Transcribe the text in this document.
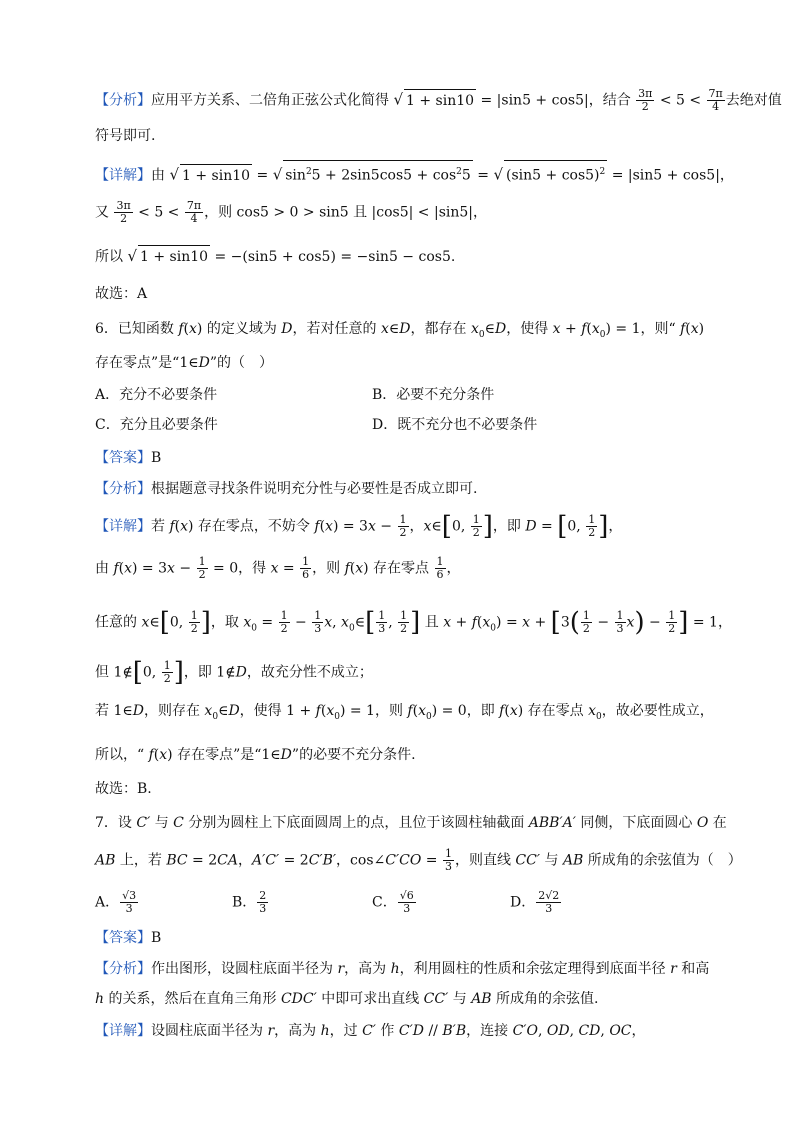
【分析】应用平方关系、二倍角正弦公式化简得 √ 1 + sin10 = |sin5 + cos5|，结合 $\frac{3\pi}{2} < 5 < \frac{7\pi}{4}$ 去绝对值
符号即可.
【详解】由 √ 1 + sin10 = √ $\sin^25 + 2\sin 5\cos 5 + \cos^25$ = √ $(\sin 5 + \cos 5)^2 = |\sin 5 + \cos 5|$，
又 $\frac{3\pi}{2} < 5 < \frac{7\pi}{4}$ ，则 cos5 > 0 > sin5 且 |cos5| < |sin5|，
所以 √ 1 + sin10 = −(sin5 + cos5) = −sin5 − cos5.
故选：A
6．已知函数 f(x) 的定义域为 D，若对任意的 x∈D，都存在 $x_0\in D$，使得 $x + f(x_0) = 1$，则“ f(x)
存在零点”是“1∈D”的（　）
A．充分不必要条件	B．必要不充分条件
C．充分且必要条件	D．既不充分也不必要条件
【答案】B
【分析】根据题意寻找条件说明充分性与必要性是否成立即可.
【详解】若 f(x) 存在零点，不妨令 $f(x) = 3x - \frac{1}{2}$ ，x∈[0, $\frac{1}{2}$ ]，即 D = [0, $\frac{1}{2}$ ]，
由 $f(x) = 3x - \frac{1}{2} = 0$，得 $x = \frac{1}{6}$ ，则 f(x) 存在零点 $\frac{1}{6}$ ，
任意的 x∈[0, $\frac{1}{2}$ ]，取 $x_0 = \frac{1}{2} - \frac{1}{3} x$, $x_0\in[ \frac{1}{3}$ , $\frac{1}{2}$ ] 且 $x + f(x_0) = x + [3( \frac{1}{2} - \frac{1}{3} x) - \frac{1}{2}$ ] = 1，
但 1∉[0, $\frac{1}{2}$ ]，即 1∉D，故充分性不成立；
若 1∈D，则存在 $x_0\in D$，使得 $1 + f(x_0) = 1$，则 $f(x_0) = 0$，即 f(x) 存在零点 $x_0$，故必要性成立，
所以，“ f(x) 存在零点”是“1∈D”的必要不充分条件.
故选：B.
7．设 C′ 与 C 分别为圆柱上下底面圆周上的点，且位于该圆柱轴截面 ABB′A′ 同侧，下底面圆心 O 在
AB 上，若 BC = 2CA，A′C′ = 2C′B′，cos∠C′CO = $\frac{1}{3}$ ，则直线 CC′ 与 AB 所成角的余弦值为（　）
A． $\frac{√3}{3}$	B． $\frac{2}{3}$	C． $\frac{√6}{3}$	D． $\frac{2√2}{3}$
【答案】B
【分析】作出图形，设圆柱底面半径为 r，高为 h，利用圆柱的性质和余弦定理得到底面半径 r 和高
h 的关系，然后在直角三角形 CDC′ 中即可求出直线 CC′ 与 AB 所成角的余弦值.
【详解】设圆柱底面半径为 r，高为 h，过 C′ 作 C′D // B′B，连接 C′O, OD, CD, OC，
